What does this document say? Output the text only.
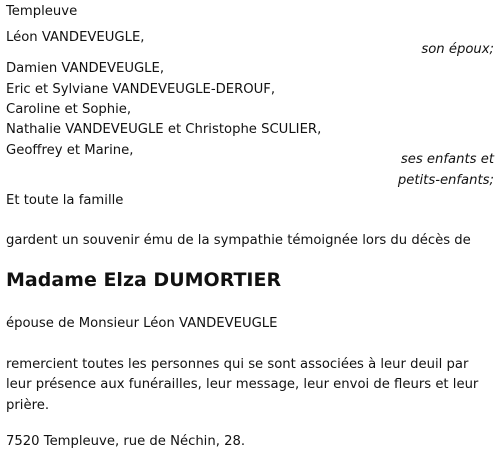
Templeuve
Léon VANDEVEUGLE,
son époux;
Damien VANDEVEUGLE,
Eric et Sylviane VANDEVEUGLE-DEROUF,
Caroline et Sophie,
Nathalie VANDEVEUGLE et Christophe SCULIER,
Geoffrey et Marine,
ses enfants et
petits-enfants;
Et toute la famille
gardent un souvenir ému de la sympathie témoignée lors du décès de
Madame Elza DUMORTIER
épouse de Monsieur Léon VANDEVEUGLE
remercient toutes les personnes qui se sont associées à leur deuil par
leur présence aux funérailles, leur message, leur envoi de fleurs et leur
prière.
7520 Templeuve, rue de Néchin, 28.
